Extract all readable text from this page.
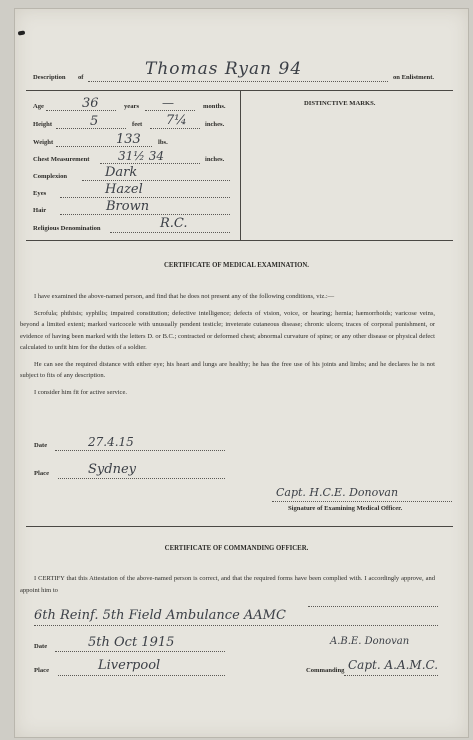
Description of	Thomas Ryan 94	on Enlistment.
DISTINCTIVE MARKS.
Age	36	years —	months.
Height	5	feet 7¼	inches.
Weight	133	lbs.
Chest Measurement 31½ 34	inches.
Complexion	Dark
Eyes	Hazel
Hair	Brown
Religious Denomination	R.C.
CERTIFICATE OF MEDICAL EXAMINATION.

I have examined the above-named person, and find that he does not present any of the following conditions, viz.:—

Scrofula; phthisis; syphilis; impaired constitution; defective intelligence; defects of vision, voice, or hearing; hernia; hæmorrhoids; varicose veins, beyond a limited extent; marked varicocele with unusually pendent testicle; inveterate cutaneous disease; chronic ulcers; traces of corporal punishment, or evidence of having been marked with the letters D. or B.C.; contracted or deformed chest; abnormal curvature of spine; or any other disease or physical defect calculated to unfit him for the duties of a soldier.

He can see the required distance with either eye; his heart and lungs are healthy; he has the free use of his joints and limbs; and he declares he is not subject to fits of any description.

I consider him fit for active service.

Date	27.4.15
Place	Sydney
Capt. H.C.E. Donovan
Signature of Examining Medical Officer.
CERTIFICATE OF COMMANDING OFFICER.

I CERTIFY that this Attestation of the above-named person is correct, and that the required forms have been complied with. I accordingly approve, and appoint him to

6th Reinf. 5th Field Ambulance AAMC
Date	5th Oct 1915	A.B.E. Donovan
Place	Liverpool	Commanding Capt. A.A.M.C.
